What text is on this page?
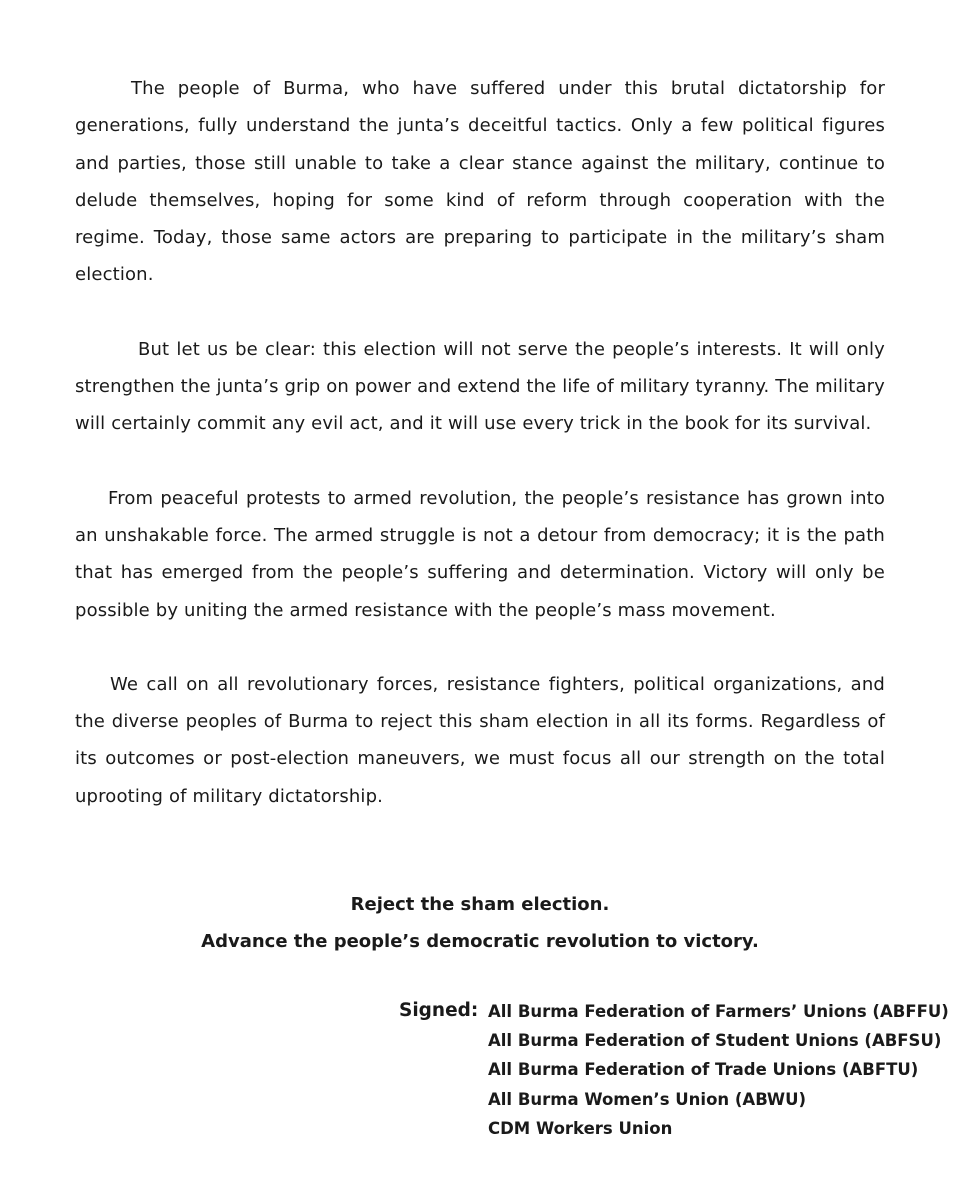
The people of Burma, who have suffered under this brutal dictatorship for generations, fully understand the junta’s deceitful tactics. Only a few political figures and parties, those still unable to take a clear stance against the military, continue to delude themselves, hoping for some kind of reform through cooperation with the regime. Today, those same actors are preparing to participate in the military’s sham election.

But let us be clear: this election will not serve the people’s interests. It will only strengthen the junta’s grip on power and extend the life of military tyranny. The military will certainly commit any evil act, and it will use every trick in the book for its survival.

From peaceful protests to armed revolution, the people’s resistance has grown into an unshakable force. The armed struggle is not a detour from democracy; it is the path that has emerged from the people’s suffering and determination. Victory will only be possible by uniting the armed resistance with the people’s mass movement.

We call on all revolutionary forces, resistance fighters, political organizations, and the diverse peoples of Burma to reject this sham election in all its forms. Regardless of its outcomes or post-election maneuvers, we must focus all our strength on the total uprooting of military dictatorship.

Reject the sham election.
Advance the people’s democratic revolution to victory.
Signed: All Burma Federation of Farmers’ Unions (ABFFU)
All Burma Federation of Student Unions (ABFSU)
All Burma Federation of Trade Unions (ABFTU)
All Burma Women’s Union (ABWU)
CDM Workers Union
